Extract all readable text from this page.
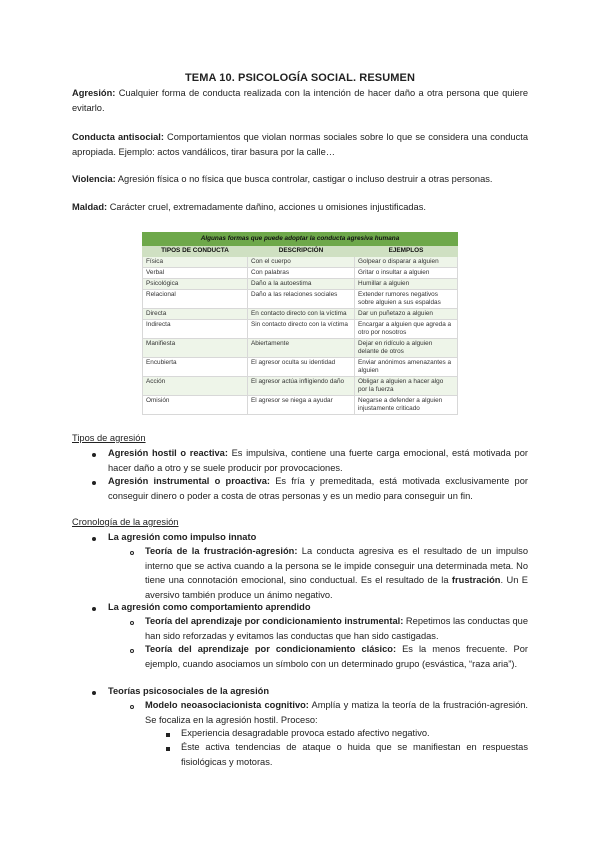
TEMA 10. PSICOLOGÍA SOCIAL. RESUMEN
Agresión: Cualquier forma de conducta realizada con la intención de hacer daño a otra persona que quiere evitarlo.
Conducta antisocial: Comportamientos que violan normas sociales sobre lo que se considera una conducta apropiada. Ejemplo: actos vandálicos, tirar basura por la calle…
Violencia: Agresión física o no física que busca controlar, castigar o incluso destruir a otras personas.
Maldad: Carácter cruel, extremadamente dañino, acciones u omisiones injustificadas.
Algunas formas que puede adoptar la conducta agresiva humana		
TIPOS DE CONDUCTA	DESCRIPCIÓN	EJEMPLOS
Física	Con el cuerpo	Golpear o disparar a alguien
Verbal	Con palabras	Gritar o insultar a alguien
Psicológica	Daño a la autoestima	Humillar a alguien
Relacional	Daño a las relaciones sociales	Extender rumores negativos sobre alguien a sus espaldas
Directa	En contacto directo con la víctima	Dar un puñetazo a alguien
Indirecta	Sin contacto directo con la víctima	Encargar a alguien que agreda a otro por nosotros
Manifiesta	Abiertamente	Dejar en ridículo a alguien delante de otros
Encubierta	El agresor oculta su identidad	Enviar anónimos amenazantes a alguien
Acción	El agresor actúa infligiendo daño	Obligar a alguien a hacer algo por la fuerza
Omisión	El agresor se niega a ayudar	Negarse a defender a alguien injustamente criticado
Tipos de agresión
Agresión hostil o reactiva: Es impulsiva, contiene una fuerte carga emocional, está motivada por hacer daño a otro y se suele producir por provocaciones.
Agresión instrumental o proactiva: Es fría y premeditada, está motivada exclusivamente por conseguir dinero o poder a costa de otras personas y es un medio para conseguir un fin.
Cronología de la agresión
La agresión como impulso innato
Teoría de la frustración-agresión: La conducta agresiva es el resultado de un impulso interno que se activa cuando a la persona se le impide conseguir una determinada meta. No tiene una connotación emocional, sino conductual. Es el resultado de la frustración. Un E aversivo también produce un ánimo negativo.
La agresión como comportamiento aprendido
Teoría del aprendizaje por condicionamiento instrumental: Repetimos las conductas que han sido reforzadas y evitamos las conductas que han sido castigadas.
Teoría del aprendizaje por condicionamiento clásico: Es la menos frecuente. Por ejemplo, cuando asociamos un símbolo con un determinado grupo (esvástica, “raza aria”).
Teorías psicosociales de la agresión
Modelo neoasociacionista cognitivo: Amplía y matiza la teoría de la frustración-agresión. Se focaliza en la agresión hostil. Proceso:
Experiencia desagradable provoca estado afectivo negativo.
Éste activa tendencias de ataque o huida que se manifiestan en respuestas fisiológicas y motoras.
